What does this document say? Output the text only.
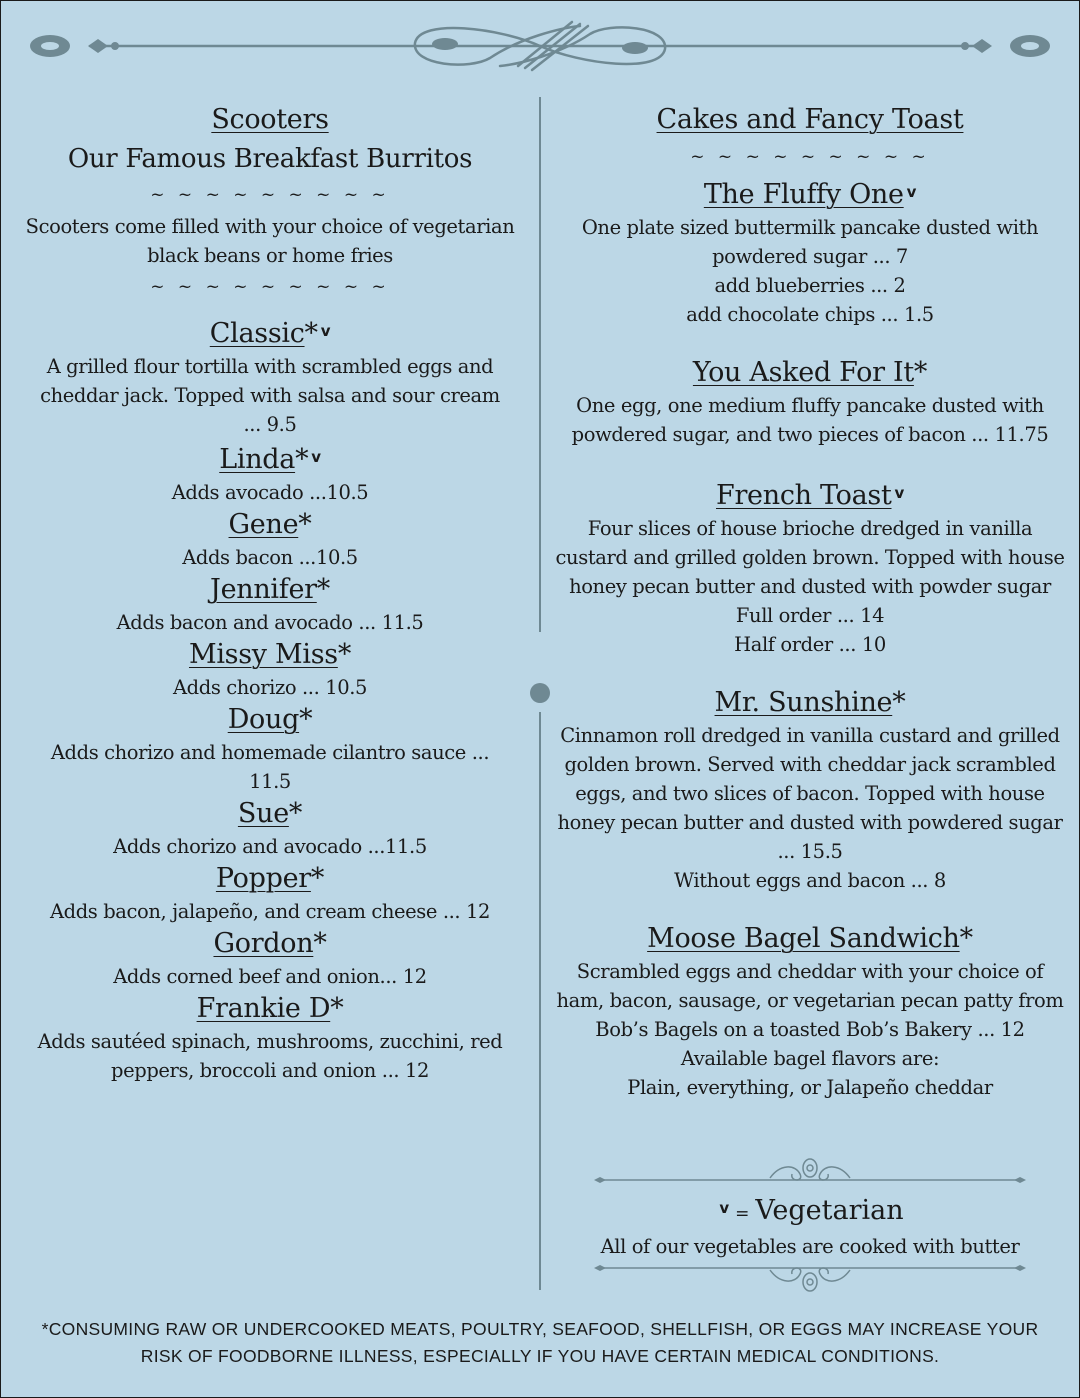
Scooters
Our Famous Breakfast Burritos
~ ~ ~ ~ ~ ~ ~ ~ ~
Scooters come filled with your choice of vegetarian black beans or home fries
~ ~ ~ ~ ~ ~ ~ ~ ~
Classic* $^v$
A grilled flour tortilla with scrambled eggs and cheddar jack. Topped with salsa and sour cream ... 9.5
Linda* $^v$
Adds avocado ...10.5
Gene*
Adds bacon ...10.5
Jennifer*
Adds bacon and avocado ... 11.5
Missy Miss*
Adds chorizo ... 10.5
Doug*
Adds chorizo and homemade cilantro sauce ... 11.5
Sue*
Adds chorizo and avocado ...11.5
Popper*
Adds bacon, jalapeño, and cream cheese ... 12
Gordon*
Adds corned beef and onion... 12
Frankie D*
Adds sautéed spinach, mushrooms, zucchini, red peppers, broccoli and onion ... 12
Cakes and Fancy Toast
~ ~ ~ ~ ~ ~ ~ ~ ~
The Fluffy One $^v$
One plate sized buttermilk pancake dusted with powdered sugar ... 7
add blueberries ... 2
add chocolate chips ... 1.5
You Asked For It*
One egg, one medium fluffy pancake dusted with powdered sugar, and two pieces of bacon ... 11.75
French Toast $^v$
Four slices of house brioche dredged in vanilla custard and grilled golden brown. Topped with house honey pecan butter and dusted with powder sugar
Full order ... 14
Half order ... 10
Mr. Sunshine*
Cinnamon roll dredged in vanilla custard and grilled golden brown. Served with cheddar jack scrambled eggs, and two slices of bacon. Topped with house honey pecan butter and dusted with powdered sugar ... 15.5
Without eggs and bacon ... 8
Moose Bagel Sandwich*
Scrambled eggs and cheddar with your choice of ham, bacon, sausage, or vegetarian pecan patty from Bob’s Bagels on a toasted Bob’s Bakery ... 12
Available bagel flavors are:
Plain, everything, or Jalapeño cheddar
$^v$ = Vegetarian
All of our vegetables are cooked with butter
*CONSUMING RAW OR UNDERCOOKED MEATS, POULTRY, SEAFOOD, SHELLFISH, OR EGGS MAY INCREASE YOUR RISK OF FOODBORNE ILLNESS, ESPECIALLY IF YOU HAVE CERTAIN MEDICAL CONDITIONS.
